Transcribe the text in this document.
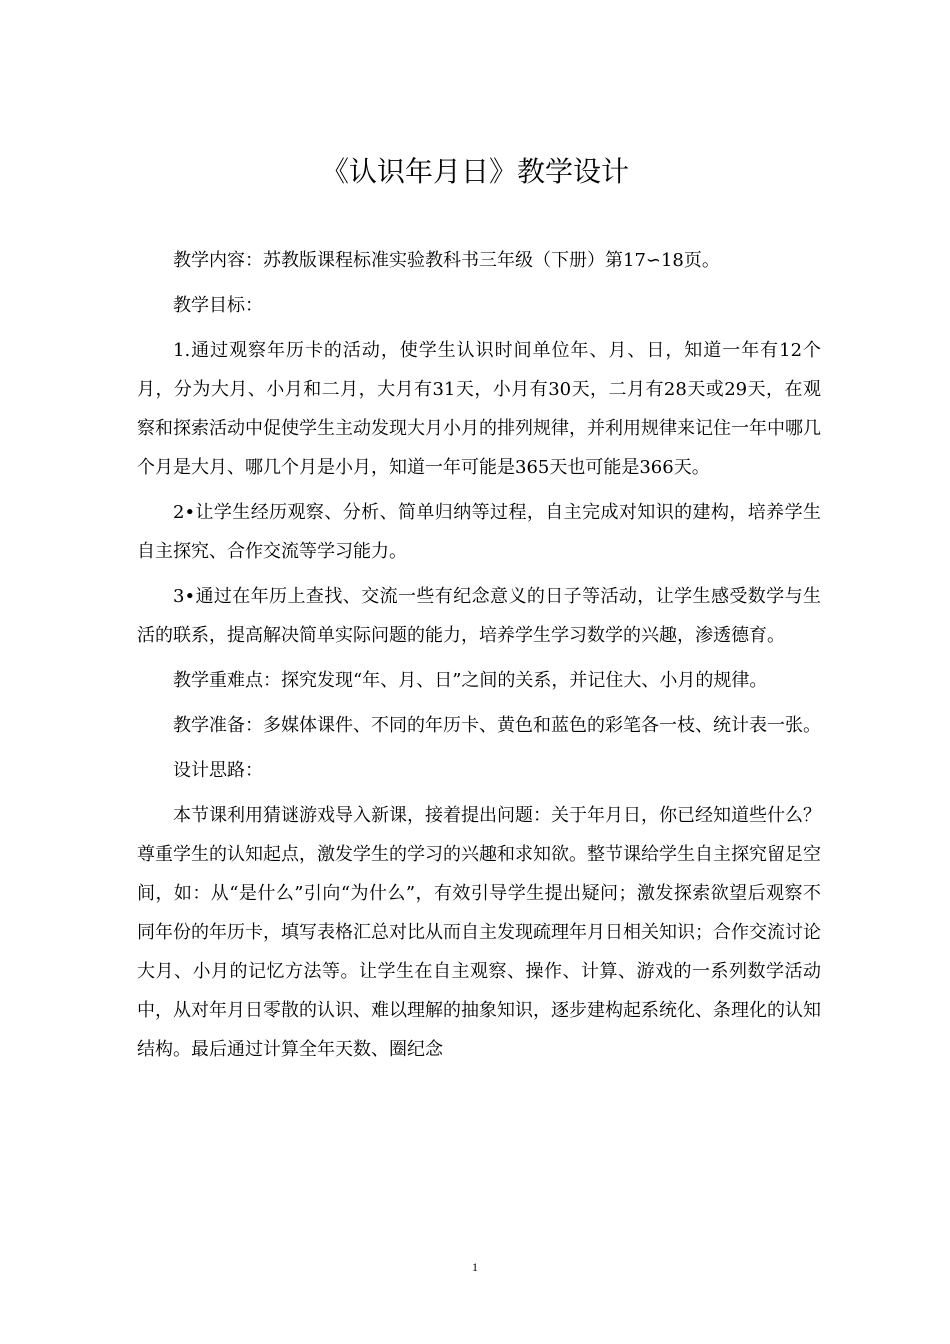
《认识年月日》教学设计

教学内容：苏教版课程标准实验教科书三年级（下册）第17∽18页。

教学目标：

1.通过观察年历卡的活动，使学生认识时间单位年、月、日，知道一年有12个月，分为大月、小月和二月，大月有31天，小月有30天，二月有28天或29天，在观察和探索活动中促使学生主动发现大月小月的排列规律，并利用规律来记住一年中哪几个月是大月、哪几个月是小月，知道一年可能是365天也可能是366天。

2•让学生经历观察、分析、简单归纳等过程，自主完成对知识的建构，培养学生自主探究、合作交流等学习能力。

3•通过在年历上查找、交流一些有纪念意义的日子等活动，让学生感受数学与生活的联系，提高解决简单实际问题的能力，培养学生学习数学的兴趣，渗透德育。

教学重难点：探究发现“年、月、日”之间的关系，并记住大、小月的规律。

教学准备：多媒体课件、不同的年历卡、黄色和蓝色的彩笔各一枝、统计表一张。

设计思路：

本节课利用猜谜游戏导入新课，接着提出问题：关于年月日，你已经知道些什么？尊重学生的认知起点，激发学生的学习的兴趣和求知欲。整节课给学生自主探究留足空间，如：从“是什么”引向“为什么”，有效引导学生提出疑问；激发探索欲望后观察不同年份的年历卡，填写表格汇总对比从而自主发现疏理年月日相关知识；合作交流讨论大月、小月的记忆方法等。让学生在自主观察、操作、计算、游戏的一系列数学活动中，从对年月日零散的认识、难以理解的抽象知识，逐步建构起系统化、条理化的认知结构。最后通过计算全年天数、圈纪念

1
